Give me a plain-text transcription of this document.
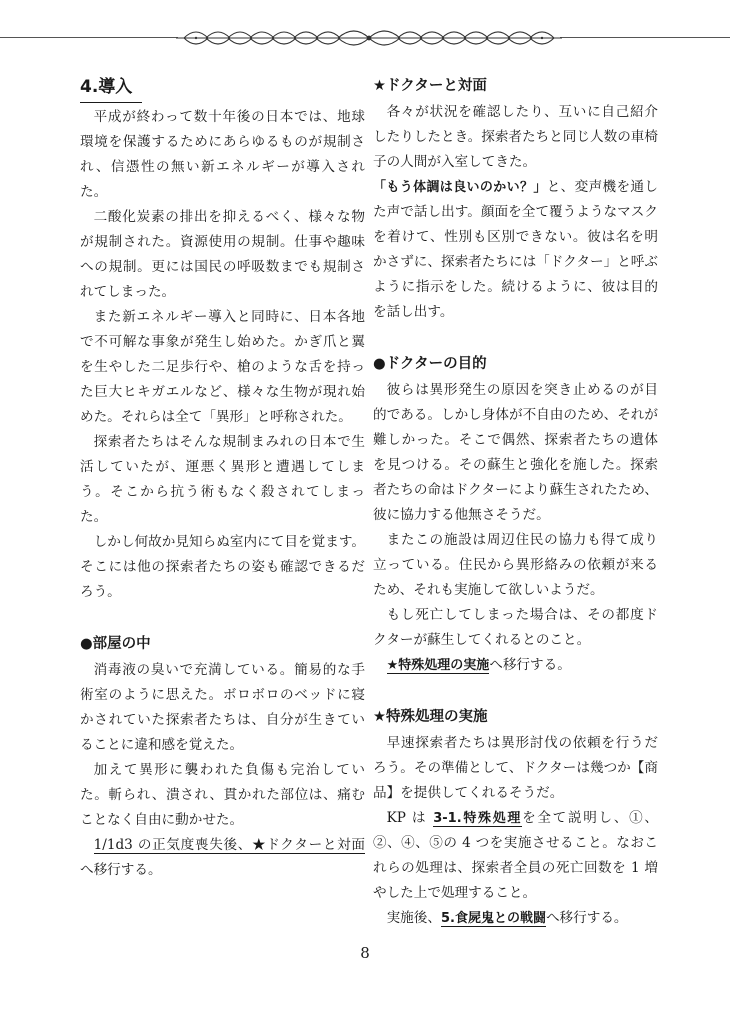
4.導入

平成が終わって数十年後の日本では、地球環境を保護するためにあらゆるものが規制され、信憑性の無い新エネルギーが導入された。

二酸化炭素の排出を抑えるべく、様々な物が規制された。資源使用の規制。仕事や趣味への規制。更には国民の呼吸数までも規制されてしまった。

また新エネルギー導入と同時に、日本各地で不可解な事象が発生し始めた。かぎ爪と翼を生やした二足歩行や、槍のような舌を持った巨大ヒキガエルなど、様々な生物が現れ始めた。それらは全て「異形」と呼称された。

探索者たちはそんな規制まみれの日本で生活していたが、運悪く異形と遭遇してしまう。そこから抗う術もなく殺されてしまった。

しかし何故か見知らぬ室内にて目を覚ます。そこには他の探索者たちの姿も確認できるだろう。

●部屋の中

消毒液の臭いで充満している。簡易的な手術室のように思えた。ボロボロのベッドに寝かされていた探索者たちは、自分が生きていることに違和感を覚えた。

加えて異形に襲われた負傷も完治していた。斬られ、潰され、貫かれた部位は、痛むことなく自由に動かせた。

1/1d3 の正気度喪失後、★ドクターと対面へ移行する。

★ドクターと対面

各々が状況を確認したり、互いに自己紹介したりしたとき。探索者たちと同じ人数の車椅子の人間が入室してきた。

「もう体調は良いのかい？」と、変声機を通した声で話し出す。顔面を全て覆うようなマスクを着けて、性別も区別できない。彼は名を明かさずに、探索者たちには「ドクター」と呼ぶように指示をした。続けるように、彼は目的を話し出す。

●ドクターの目的

彼らは異形発生の原因を突き止めるのが目的である。しかし身体が不自由のため、それが難しかった。そこで偶然、探索者たちの遺体を見つける。その蘇生と強化を施した。探索者たちの命はドクターにより蘇生されたため、彼に協力する他無さそうだ。

またこの施設は周辺住民の協力も得て成り立っている。住民から異形絡みの依頼が来るため、それも実施して欲しいようだ。

もし死亡してしまった場合は、その都度ドクターが蘇生してくれるとのこと。

★特殊処理の実施へ移行する。

★特殊処理の実施

早速探索者たちは異形討伐の依頼を行うだろう。その準備として、ドクターは幾つか【商品】を提供してくれるそうだ。

KP は 3-1.特殊処理を全て説明し、①、②、④、⑤の 4 つを実施させること。なおこれらの処理は、探索者全員の死亡回数を 1 増やした上で処理すること。

実施後、5.食屍鬼との戦闘へ移行する。

8
